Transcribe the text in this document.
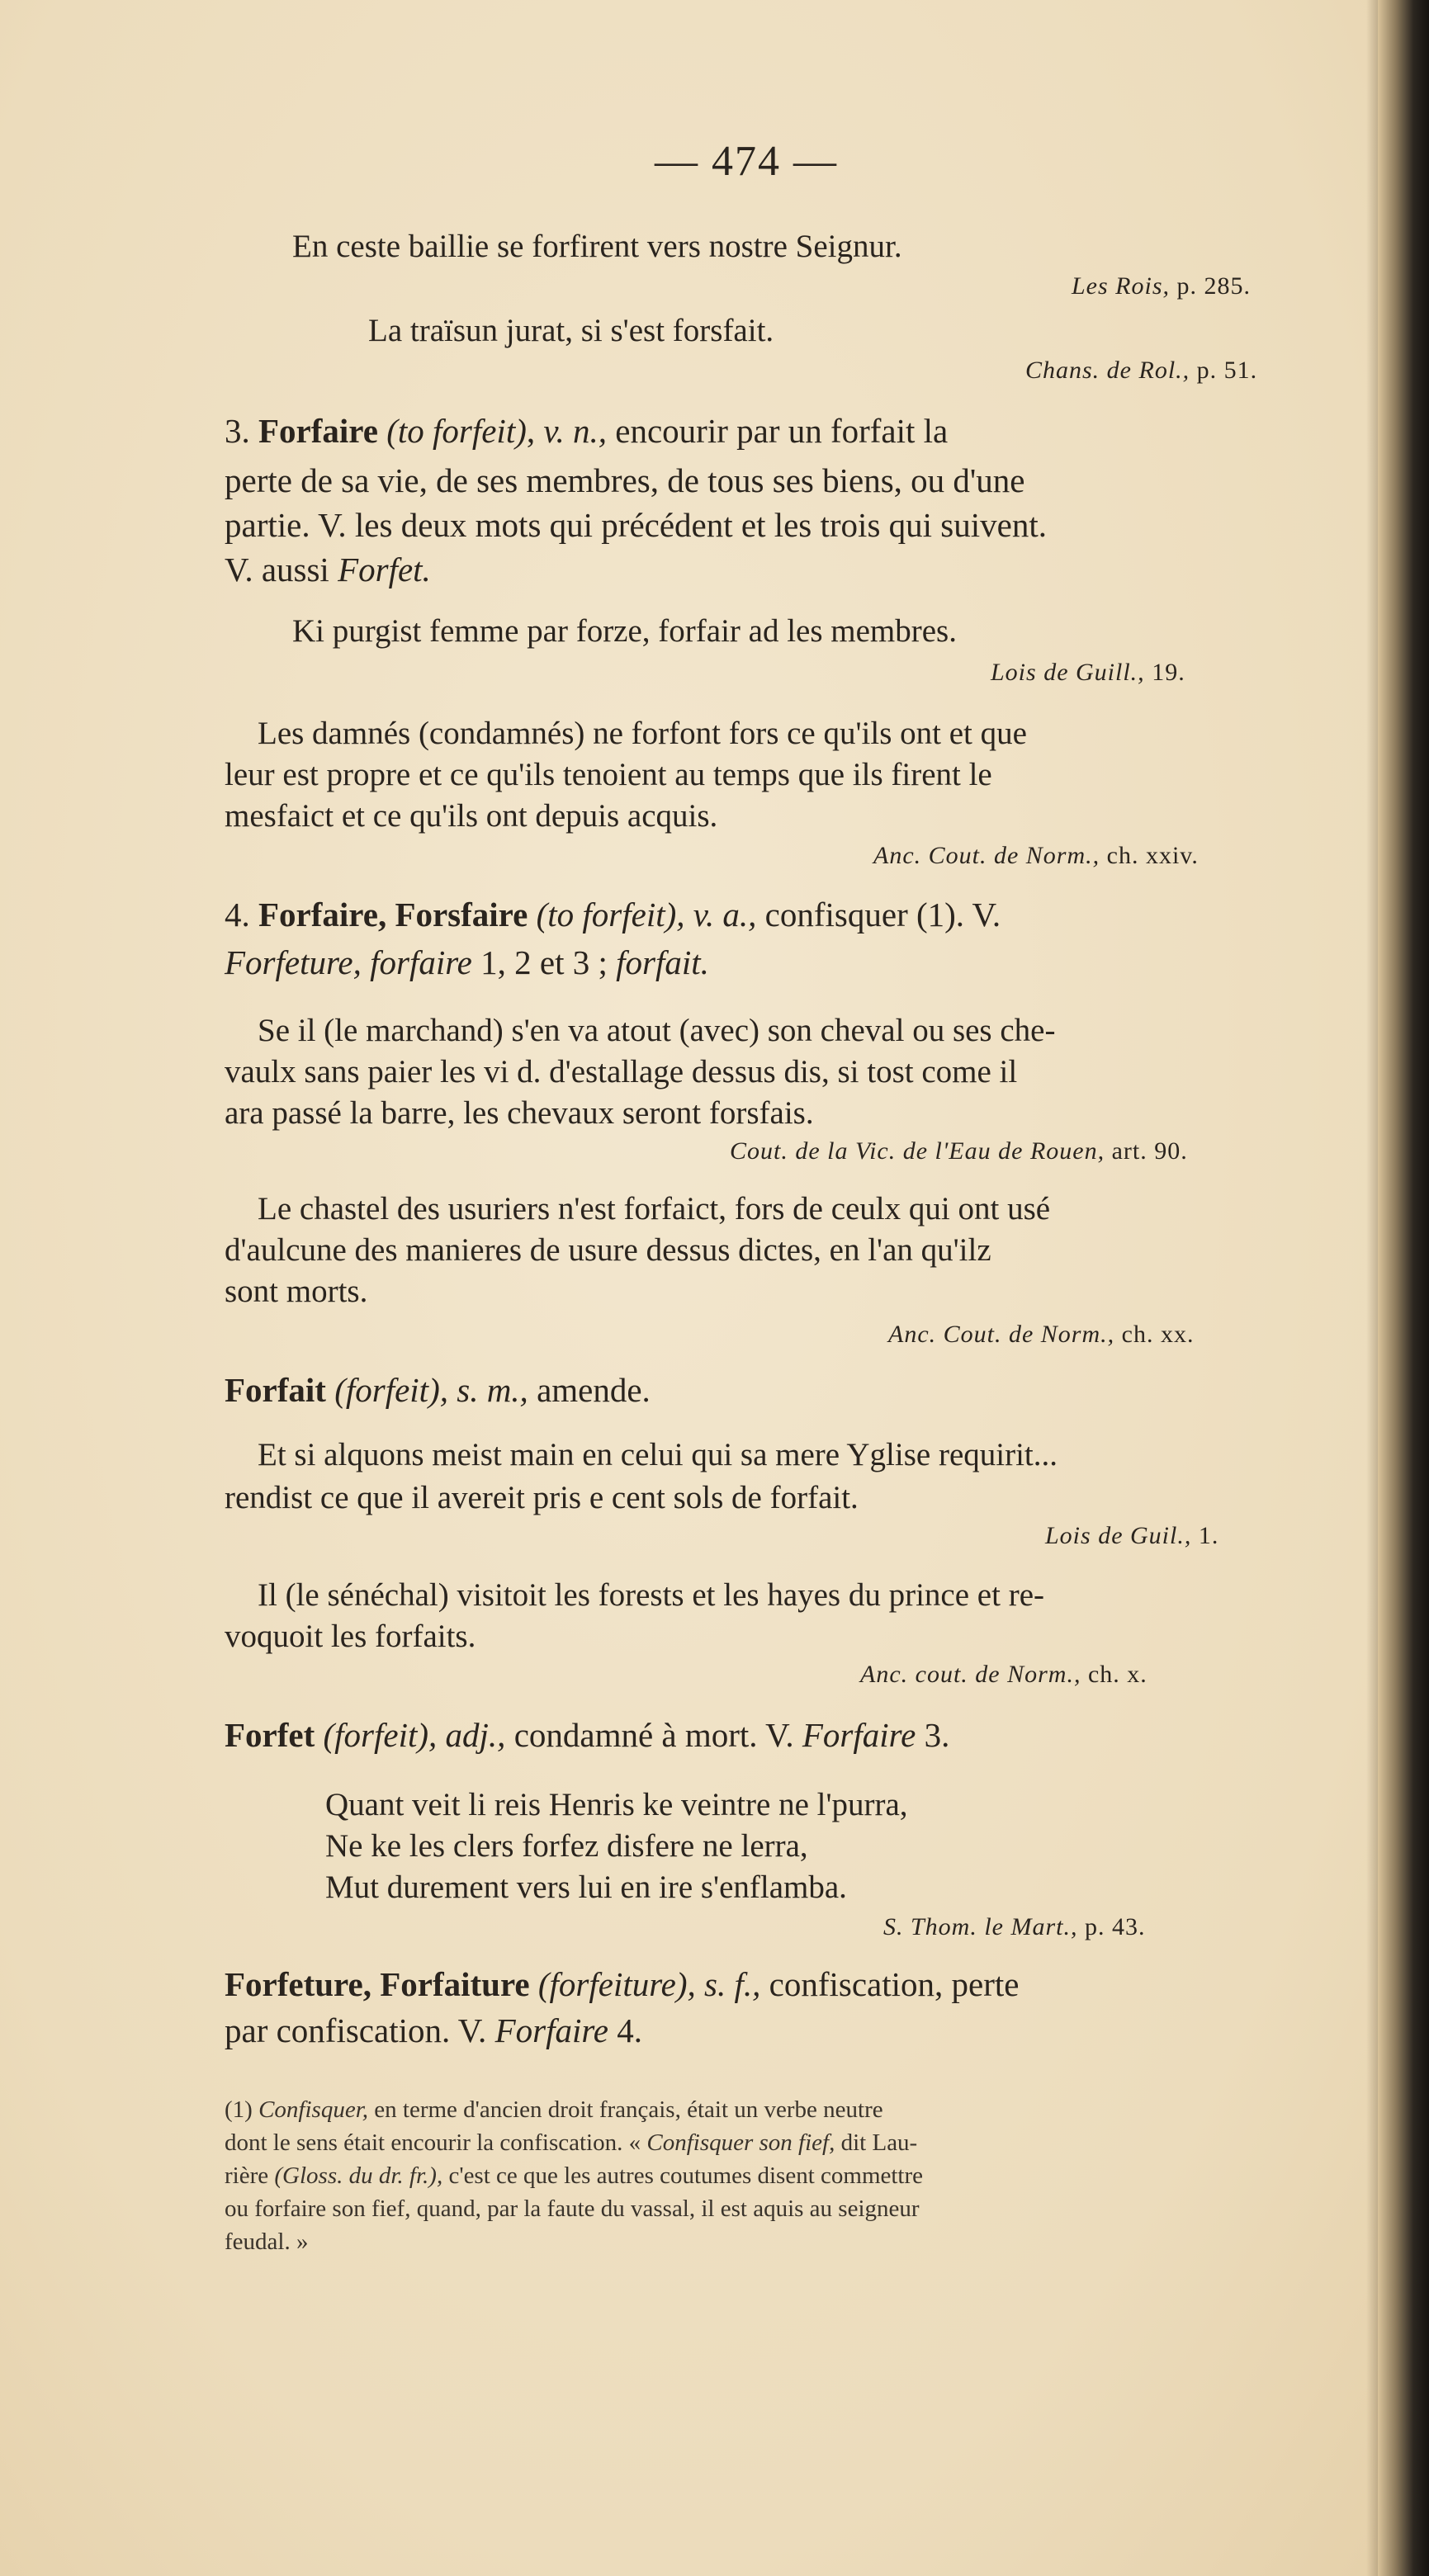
— 474 —
En ceste baillie se forfirent vers nostre Seignur.
Les Rois, p. 285.
La traïsun jurat, si s'est forsfait.
Chans. de Rol., p. 51.
3. Forfaire (to forfeit), v. n., encourir par un forfait la
perte de sa vie, de ses membres, de tous ses biens, ou d'une
partie. V. les deux mots qui précédent et les trois qui suivent.
V. aussi Forfet.
Ki purgist femme par forze, forfair ad les membres.
Lois de Guill., 19.
Les damnés (condamnés) ne forfont fors ce qu'ils ont et que
leur est propre et ce qu'ils tenoient au temps que ils firent le
mesfaict et ce qu'ils ont depuis acquis.
Anc. Cout. de Norm., ch. xxiv.
4. Forfaire, Forsfaire (to forfeit), v. a., confisquer (1). V.
Forfeture, forfaire 1, 2 et 3 ; forfait.
Se il (le marchand) s'en va atout (avec) son cheval ou ses che-
vaulx sans paier les vi d. d'estallage dessus dis, si tost come il
ara passé la barre, les chevaux seront forsfais.
Cout. de la Vic. de l'Eau de Rouen, art. 90.
Le chastel des usuriers n'est forfaict, fors de ceulx qui ont usé
d'aulcune des manieres de usure dessus dictes, en l'an qu'ilz
sont morts.
Anc. Cout. de Norm., ch. xx.
Forfait (forfeit), s. m., amende.
Et si alquons meist main en celui qui sa mere Yglise requirit...
rendist ce que il avereit pris e cent sols de forfait.
Lois de Guil., 1.
Il (le sénéchal) visitoit les forests et les hayes du prince et re-
voquoit les forfaits.
Anc. cout. de Norm., ch. x.
Forfet (forfeit), adj., condamné à mort. V. Forfaire 3.
Quant veit li reis Henris ke veintre ne l'purra,
Ne ke les clers forfez disfere ne lerra,
Mut durement vers lui en ire s'enflamba.
S. Thom. le Mart., p. 43.
Forfeture, Forfaiture (forfeiture), s. f., confiscation, perte
par confiscation. V. Forfaire 4.
(1) Confisquer, en terme d'ancien droit français, était un verbe neutre
dont le sens était encourir la confiscation. « Confisquer son fief, dit Lau-
rière (Gloss. du dr. fr.), c'est ce que les autres coutumes disent commettre
ou forfaire son fief, quand, par la faute du vassal, il est aquis au seigneur
feudal. »
